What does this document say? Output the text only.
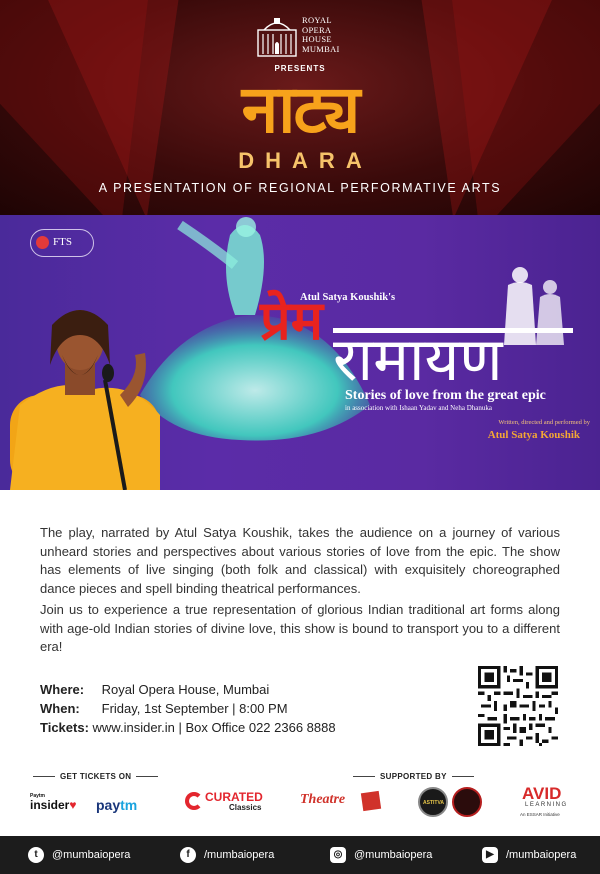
ROYAL
OPERA
HOUSE
MUMBAI
PRESENTS
नाट्य
DHARA
A PRESENTATION OF REGIONAL PERFORMATIVE ARTS
FTS
प्रेम
Atul Satya Koushik's
रामायण
Stories of love from the great epic
in association with Ishaan Yadav and Neha Dhanuka
Written, directed and performed by
Atul Satya Koushik

The play, narrated by Atul Satya Koushik, takes the audience on a journey of various unheard stories and perspectives about various stories of love from the epic. The show has elements of live singing (both folk and classical) with exquisitely choreographed dance pieces and spell binding theatrical performances.

Join us to experience a true representation of glorious Indian traditional art forms along with age-old Indian stories of divine love, this show is bound to transport you to a different era!

Where: Royal Opera House, Mumbai
When: Friday, 1st September | 8:00 PM
Tickets: www.insider.in | Box Office 022 2366 8888
GET TICKETS ON	SUPPORTED BY
Paytm
insider♥ paytm	CURATED
Classics
Theatre	ASTITVA	AVID
LEARNING
An ESSAR Initiative
t	@mumbaiopera	f	/mumbaiopera	◎	@mumbaiopera	▶	/mumbaiopera
